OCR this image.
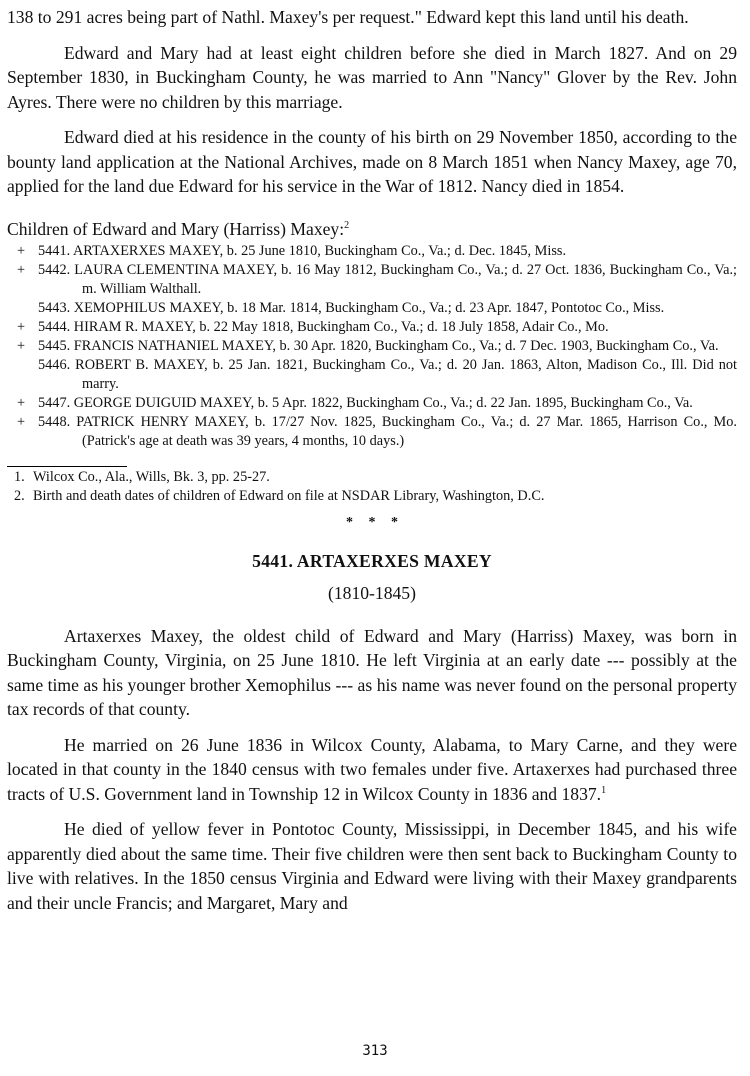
138 to 291 acres being part of Nathl. Maxey's per request." Edward kept this land until his death.

Edward and Mary had at least eight children before she died in March 1827. And on 29 September 1830, in Buckingham County, he was married to Ann "Nancy" Glover by the Rev. John Ayres. There were no children by this marriage.

Edward died at his residence in the county of his birth on 29 November 1850, according to the bounty land application at the National Archives, made on 8 March 1851 when Nancy Maxey, age 70, applied for the land due Edward for his service in the War of 1812. Nancy died in 1854.

Children of Edward and Mary (Harriss) Maxey:$^2$
+ 5441. ARTAXERXES MAXEY, b. 25 June 1810, Buckingham Co., Va.; d. Dec. 1845, Miss.
+ 5442. LAURA CLEMENTINA MAXEY, b. 16 May 1812, Buckingham Co., Va.; d. 27 Oct. 1836, Buckingham Co., Va.; m. William Walthall.
5443. XEMOPHILUS MAXEY, b. 18 Mar. 1814, Buckingham Co., Va.; d. 23 Apr. 1847, Pontotoc Co., Miss.
+ 5444. HIRAM R. MAXEY, b. 22 May 1818, Buckingham Co., Va.; d. 18 July 1858, Adair Co., Mo.
+ 5445. FRANCIS NATHANIEL MAXEY, b. 30 Apr. 1820, Buckingham Co., Va.; d. 7 Dec. 1903, Buckingham Co., Va.
5446. ROBERT B. MAXEY, b. 25 Jan. 1821, Buckingham Co., Va.; d. 20 Jan. 1863, Alton, Madison Co., Ill. Did not marry.
+ 5447. GEORGE DUIGUID MAXEY, b. 5 Apr. 1822, Buckingham Co., Va.; d. 22 Jan. 1895, Buckingham Co., Va.
+ 5448. PATRICK HENRY MAXEY, b. 17/27 Nov. 1825, Buckingham Co., Va.; d. 27 Mar. 1865, Harrison Co., Mo. (Patrick's age at death was 39 years, 4 months, 10 days.)
1. Wilcox Co., Ala., Wills, Bk. 3, pp. 25-27.
2. Birth and death dates of children of Edward on file at NSDAR Library, Washington, D.C.
* * *
5441. ARTAXERXES MAXEY
(1810-1845)

Artaxerxes Maxey, the oldest child of Edward and Mary (Harriss) Maxey, was born in Buckingham County, Virginia, on 25 June 1810. He left Virginia at an early date --- possibly at the same time as his younger brother Xemophilus --- as his name was never found on the personal property tax records of that county.

He married on 26 June 1836 in Wilcox County, Alabama, to Mary Carne, and they were located in that county in the 1840 census with two females under five. Artaxerxes had purchased three tracts of U.S. Government land in Township 12 in Wilcox County in 1836 and 1837.$^1$

He died of yellow fever in Pontotoc County, Mississippi, in December 1845, and his wife apparently died about the same time. Their five children were then sent back to Buckingham County to live with relatives. In the 1850 census Virginia and Edward were living with their Maxey grandparents and their uncle Francis; and Margaret, Mary and

313
